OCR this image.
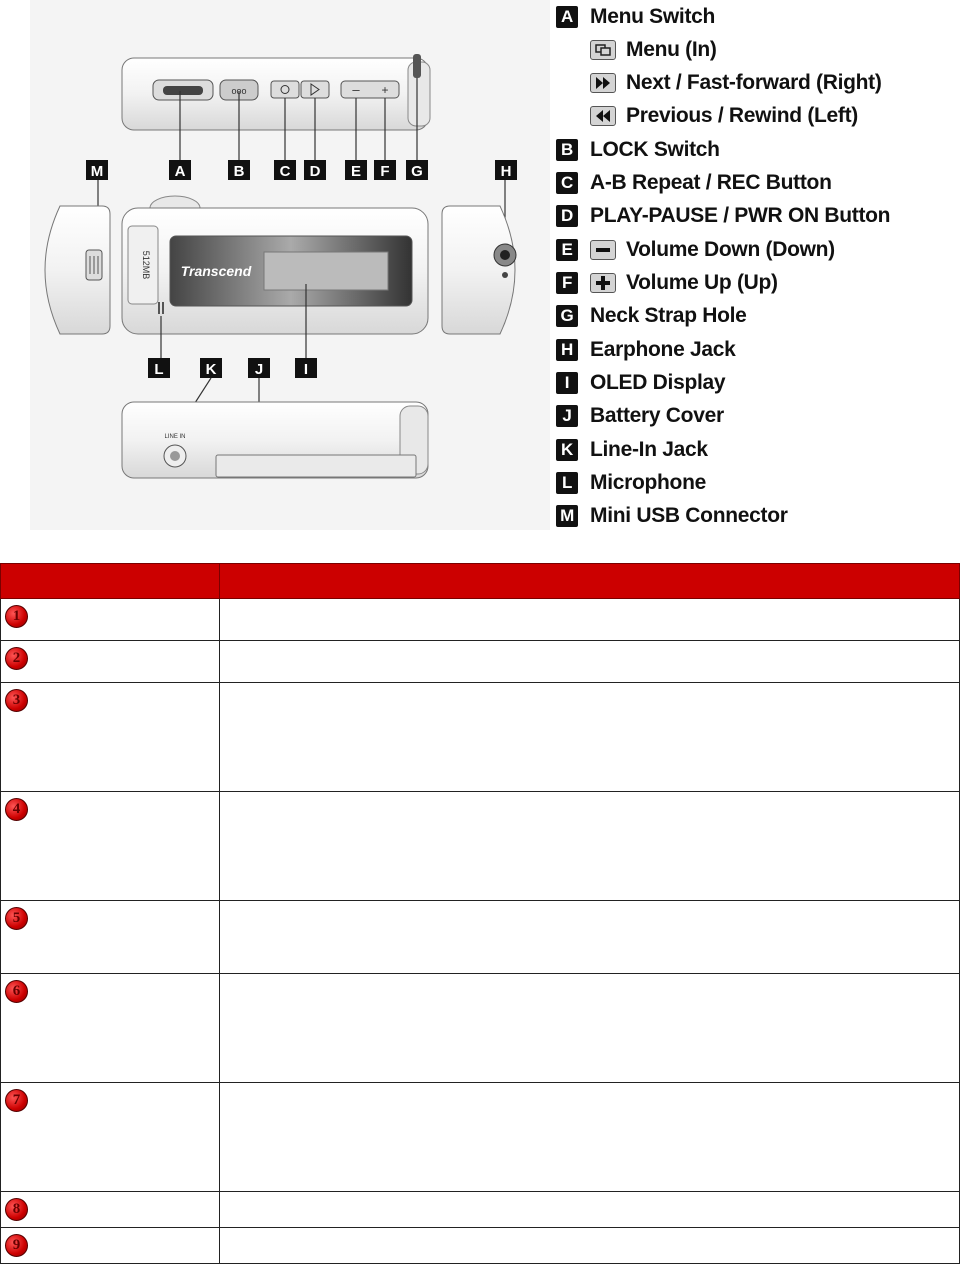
ooo	– +
M	A	B C D E F G	H
L	K	J	I
512MB Transcend
LINE IN
A Menu Switch
Menu (In)
Next / Fast-forward (Right)
Previous / Rewind (Left)
B LOCK Switch
C A-B Repeat / REC Button
D PLAY-PAUSE / PWR ON Button
E	Volume Down (Down)
F	Volume Up (Up)
G Neck Strap Hole
H Earphone Jack
I OLED Display
J Battery Cover
K Line-In Jack
L Microphone
M Mini USB Connector

1	
2	
3	
4	
5	
6	
7	
8	
9	
